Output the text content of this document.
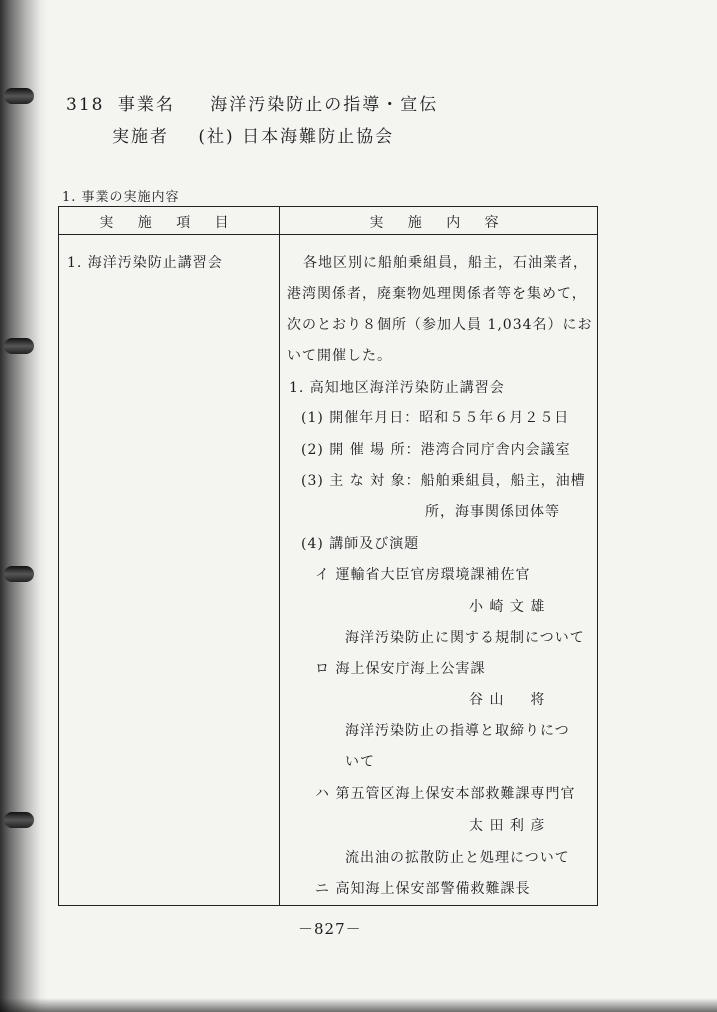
318 事業名 海洋汚染防止の指導・宣伝
実施者 (社) 日本海難防止協会
1. 事業の実施内容
実 施 項 目	実 施 内 容
1. 海洋汚染防止講習会	各地区別に船舶乗組員，船主，石油業者，
港湾関係者，廃棄物処理関係者等を集めて，
次のとおり８個所（参加人員 1,034名）にお
いて開催した。
1. 高知地区海洋汚染防止講習会
(1) 開催年月日：昭和５５年６月２５日
(2) 開 催 場 所：港湾合同庁舎内会議室
(3) 主 な 対 象：船舶乗組員，船主，油槽
所，海事関係団体等
(4) 講師及び演題
イ 運輸省大臣官房環境課補佐官
小 崎 文 雄
海洋汚染防止に関する規制について
ロ 海上保安庁海上公害課
谷 山 　 将
海洋汚染防止の指導と取締りにつ
いて
ハ 第五管区海上保安本部救難課専門官
太 田 利 彦
流出油の拡散防止と処理について
ニ 高知海上保安部警備救難課長
－827－
